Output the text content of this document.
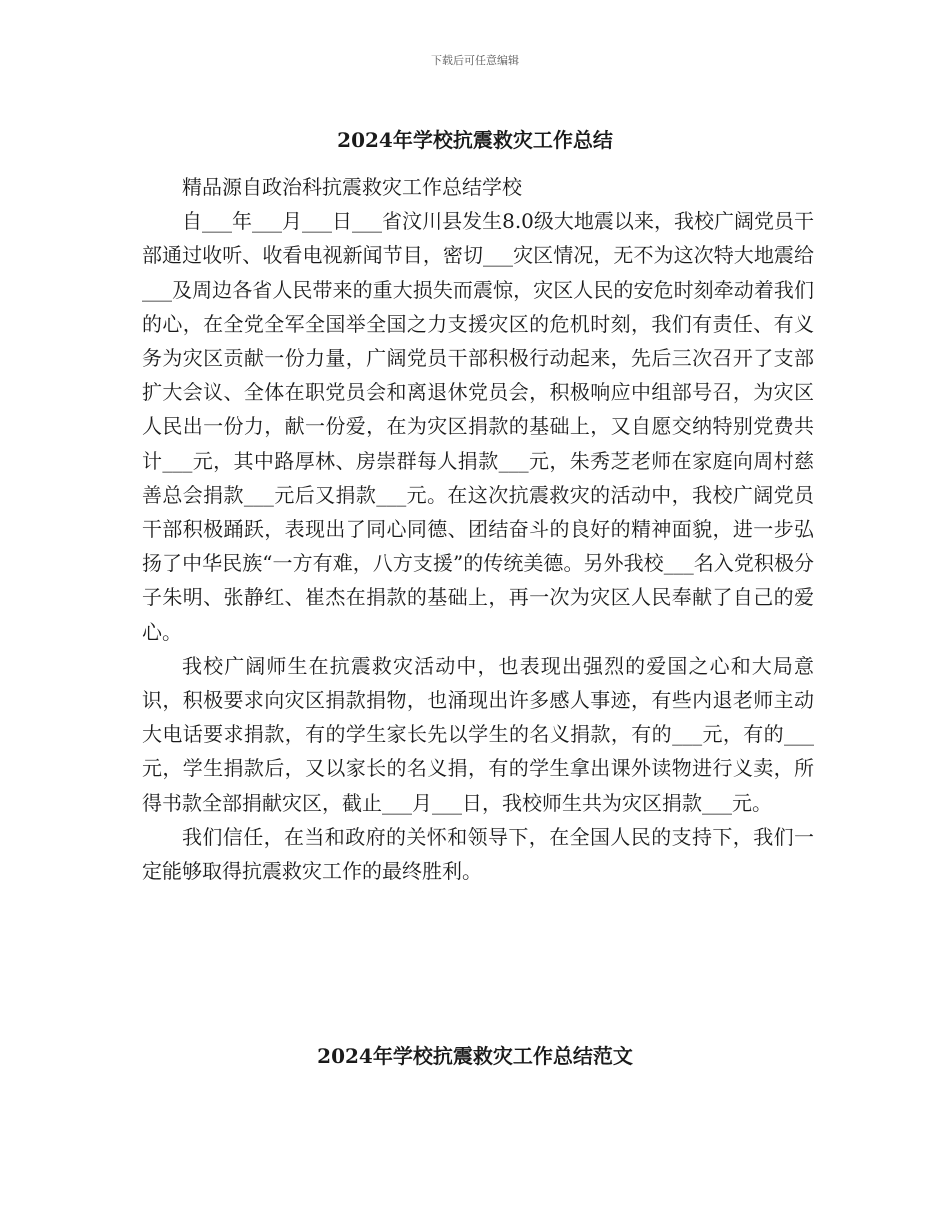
下载后可任意编辑
2024年学校抗震救灾工作总结

精品源自政治科抗震救灾工作总结学校

自___年___月___日___省汶川县发生8.0级大地震以来，我校广阔党员干部通过收听、收看电视新闻节目，密切___灾区情况，无不为这次特大地震给___及周边各省人民带来的重大损失而震惊，灾区人民的安危时刻牵动着我们的心，在全党全军全国举全国之力支援灾区的危机时刻，我们有责任、有义务为灾区贡献一份力量，广阔党员干部积极行动起来，先后三次召开了支部扩大会议、全体在职党员会和离退休党员会，积极响应中组部号召，为灾区人民出一份力，献一份爱，在为灾区捐款的基础上，又自愿交纳特别党费共计___元，其中路厚林、房崇群每人捐款___元，朱秀芝老师在家庭向周村慈善总会捐款___元后又捐款___元。在这次抗震救灾的活动中，我校广阔党员干部积极踊跃，表现出了同心同德、团结奋斗的良好的精神面貌，进一步弘扬了中华民族“一方有难，八方支援”的传统美德。另外我校___名入党积极分子朱明、张静红、崔杰在捐款的基础上，再一次为灾区人民奉献了自己的爱心。

我校广阔师生在抗震救灾活动中，也表现出强烈的爱国之心和大局意识，积极要求向灾区捐款捐物，也涌现出许多感人事迹，有些内退老师主动大电话要求捐款，有的学生家长先以学生的名义捐款，有的___元，有的___元，学生捐款后，又以家长的名义捐，有的学生拿出课外读物进行义卖，所得书款全部捐献灾区，截止___月___日，我校师生共为灾区捐款___元。

我们信任，在当和政府的关怀和领导下，在全国人民的支持下，我们一定能够取得抗震救灾工作的最终胜利。

2024年学校抗震救灾工作总结范文
